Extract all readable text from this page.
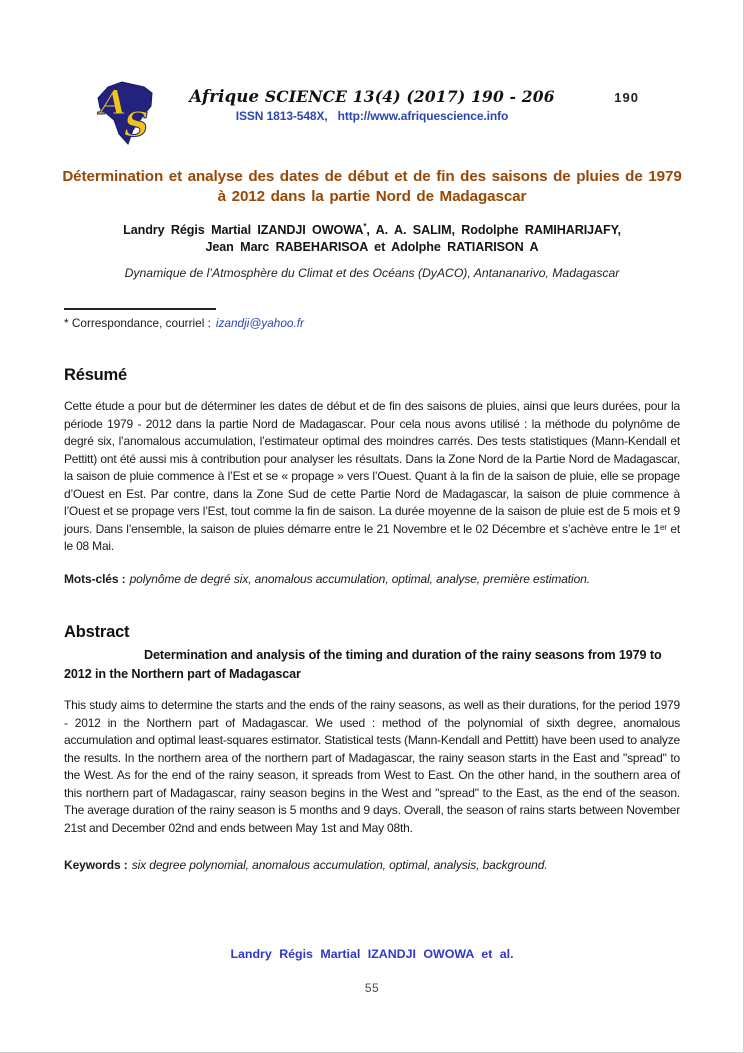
A
S
Afrique SCIENCE 13(4) (2017) 190 - 206
ISSN 1813-548X, http://www.afriquescience.info
190
Détermination et analyse des dates de début et de fin des saisons de pluies de 1979 à 2012 dans la partie Nord de Madagascar
Landry Régis Martial IZANDJI OWOWA*, A. A. SALIM, Rodolphe RAMIHARIJAFY,
Jean Marc RABEHARISOA et Adolphe RATIARISON A
Dynamique de l’Atmosphère du Climat et des Océans (DyACO), Antananarivo, Madagascar
* Correspondance, courriel : izandji@yahoo.fr
Résumé
Cette étude a pour but de déterminer les dates de début et de fin des saisons de pluies, ainsi que leurs durées, pour la période 1979 - 2012 dans la partie Nord de Madagascar. Pour cela nous avons utilisé : la méthode du polynôme de degré six, l’anomalous accumulation, l’estimateur optimal des moindres carrés. Des tests statistiques (Mann-Kendall et Pettitt) ont été aussi mis à contribution pour analyser les résultats. Dans la Zone Nord de la Partie Nord de Madagascar, la saison de pluie commence à l’Est et se « propage » vers l’Ouest. Quant à la fin de la saison de pluie, elle se propage d’Ouest en Est. Par contre, dans la Zone Sud de cette Partie Nord de Madagascar, la saison de pluie commence à l’Ouest et se propage vers l’Est, tout comme la fin de saison. La durée moyenne de la saison de pluie est de 5 mois et 9 jours. Dans l’ensemble, la saison de pluies démarre entre le 21 Novembre et le 02 Décembre et s’achève entre le 1ᵉʳ et le 08 Mai.
Mots-clés : polynôme de degré six, anomalous accumulation, optimal, analyse, première estimation.
Abstract
Determination and analysis of the timing and duration of the rainy seasons from 1979 to 2012 in the Northern part of Madagascar
This study aims to determine the starts and the ends of the rainy seasons, as well as their durations, for the period 1979 - 2012 in the Northern part of Madagascar. We used : method of the polynomial of sixth degree, anomalous accumulation and optimal least-squares estimator. Statistical tests (Mann-Kendall and Pettitt) have been used to analyze the results. In the northern area of the northern part of Madagascar, the rainy season starts in the East and "spread" to the West. As for the end of the rainy season, it spreads from West to East. On the other hand, in the southern area of this northern part of Madagascar, rainy season begins in the West and "spread" to the East, as the end of the season. The average duration of the rainy season is 5 months and 9 days. Overall, the season of rains starts between November 21st and December 02nd and ends between May 1st and May 08th.
Keywords : six degree polynomial, anomalous accumulation, optimal, analysis, background.
Landry Régis Martial IZANDJI OWOWA et al.
55
